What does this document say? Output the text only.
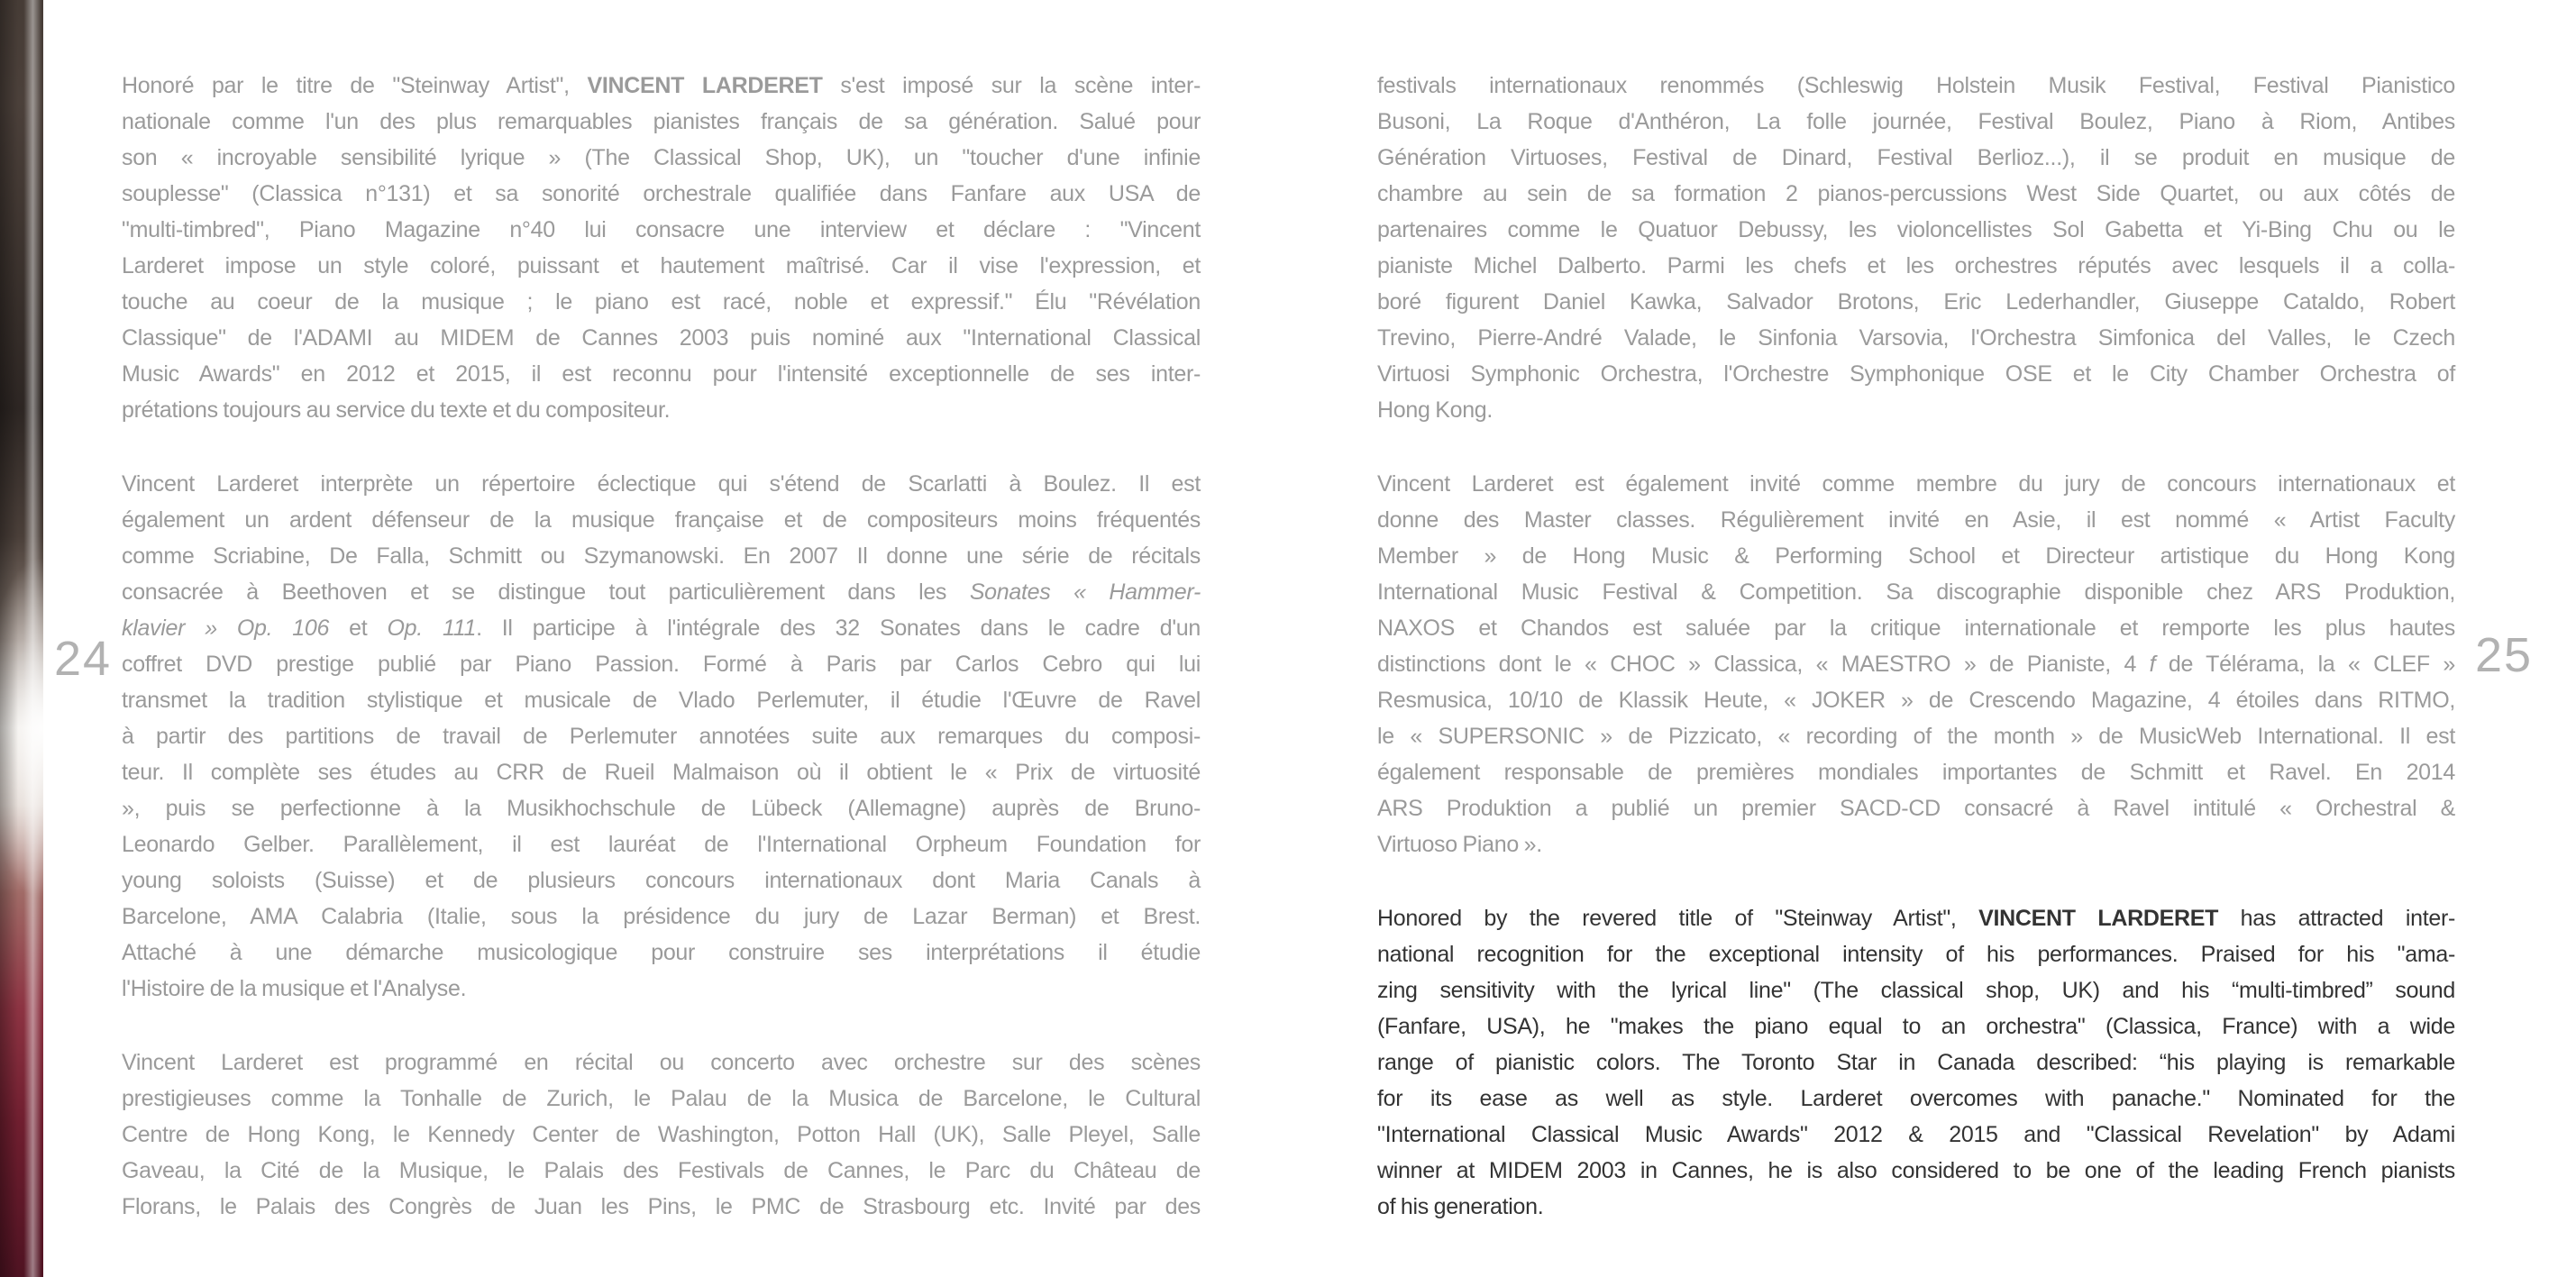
24
Honoré par le titre de "Steinway Artist", VINCENT LARDERET s'est imposé sur la scène inter-
nationale comme l'un des plus remarquables pianistes français de sa génération. Salué pour
son « incroyable sensibilité lyrique » (The Classical Shop, UK), un "toucher d'une infinie
souplesse" (Classica n°131) et sa sonorité orchestrale qualifiée dans Fanfare aux USA de
"multi-timbred", Piano Magazine n°40 lui consacre une interview et déclare : "Vincent
Larderet impose un style coloré, puissant et hautement maîtrisé. Car il vise l'expression, et
touche au coeur de la musique ; le piano est racé, noble et expressif." Élu "Révélation
Classique" de l'ADAMI au MIDEM de Cannes 2003 puis nominé aux "International Classical
Music Awards" en 2012 et 2015, il est reconnu pour l'intensité exceptionnelle de ses inter-
prétations toujours au service du texte et du compositeur.
Vincent Larderet interprète un répertoire éclectique qui s'étend de Scarlatti à Boulez. Il est
également un ardent défenseur de la musique française et de compositeurs moins fréquentés
comme Scriabine, De Falla, Schmitt ou Szymanowski. En 2007 Il donne une série de récitals
consacrée à Beethoven et se distingue tout particulièrement dans les Sonates « Hammer-
klavier » Op. 106 et Op. 111. Il participe à l'intégrale des 32 Sonates dans le cadre d'un
coffret DVD prestige publié par Piano Passion. Formé à Paris par Carlos Cebro qui lui
transmet la tradition stylistique et musicale de Vlado Perlemuter, il étudie l'Œuvre de Ravel
à partir des partitions de travail de Perlemuter annotées suite aux remarques du composi-
teur. Il complète ses études au CRR de Rueil Malmaison où il obtient le « Prix de virtuosité
», puis se perfectionne à la Musikhochschule de Lübeck (Allemagne) auprès de Bruno-
Leonardo Gelber. Parallèlement, il est lauréat de l'International Orpheum Foundation for
young soloists (Suisse) et de plusieurs concours internationaux dont Maria Canals à
Barcelone, AMA Calabria (Italie, sous la présidence du jury de Lazar Berman) et Brest.
Attaché à une démarche musicologique pour construire ses interprétations il étudie
l'Histoire de la musique et l'Analyse.
Vincent Larderet est programmé en récital ou concerto avec orchestre sur des scènes
prestigieuses comme la Tonhalle de Zurich, le Palau de la Musica de Barcelone, le Cultural
Centre de Hong Kong, le Kennedy Center de Washington, Potton Hall (UK), Salle Pleyel, Salle
Gaveau, la Cité de la Musique, le Palais des Festivals de Cannes, le Parc du Château de
Florans, le Palais des Congrès de Juan les Pins, le PMC de Strasbourg etc. Invité par des
festivals internationaux renommés (Schleswig Holstein Musik Festival, Festival Pianistico
Busoni, La Roque d'Anthéron, La folle journée, Festival Boulez, Piano à Riom, Antibes
Génération Virtuoses, Festival de Dinard, Festival Berlioz...), il se produit en musique de
chambre au sein de sa formation 2 pianos-percussions West Side Quartet, ou aux côtés de
partenaires comme le Quatuor Debussy, les violoncellistes Sol Gabetta et Yi-Bing Chu ou le
pianiste Michel Dalberto. Parmi les chefs et les orchestres réputés avec lesquels il a colla-
boré figurent Daniel Kawka, Salvador Brotons, Eric Lederhandler, Giuseppe Cataldo, Robert
Trevino, Pierre-André Valade, le Sinfonia Varsovia, l'Orchestra Simfonica del Valles, le Czech
Virtuosi Symphonic Orchestra, l'Orchestre Symphonique OSE et le City Chamber Orchestra of
Hong Kong.
Vincent Larderet est également invité comme membre du jury de concours internationaux et
donne des Master classes. Régulièrement invité en Asie, il est nommé « Artist Faculty
Member » de Hong Music & Performing School et Directeur artistique du Hong Kong
International Music Festival & Competition. Sa discographie disponible chez ARS Produktion,
NAXOS et Chandos est saluée par la critique internationale et remporte les plus hautes
distinctions dont le « CHOC » Classica, « MAESTRO » de Pianiste, 4 f de Télérama, la « CLEF »
Resmusica, 10/10 de Klassik Heute, « JOKER » de Crescendo Magazine, 4 étoiles dans RITMO,
le « SUPERSONIC » de Pizzicato, « recording of the month » de MusicWeb International. Il est
également responsable de premières mondiales importantes de Schmitt et Ravel. En 2014
ARS Produktion a publié un premier SACD-CD consacré à Ravel intitulé « Orchestral &
Virtuoso Piano ».
Honored by the revered title of "Steinway Artist", VINCENT LARDERET has attracted inter-
national recognition for the exceptional intensity of his performances. Praised for his "ama-
zing sensitivity with the lyrical line" (The classical shop, UK) and his “multi-timbred” sound
(Fanfare, USA), he "makes the piano equal to an orchestra" (Classica, France) with a wide
range of pianistic colors. The Toronto Star in Canada described: “his playing is remarkable
for its ease as well as style. Larderet overcomes with panache." Nominated for the
"International Classical Music Awards" 2012 & 2015 and "Classical Revelation" by Adami
winner at MIDEM 2003 in Cannes, he is also considered to be one of the leading French pianists
of his generation.
25
